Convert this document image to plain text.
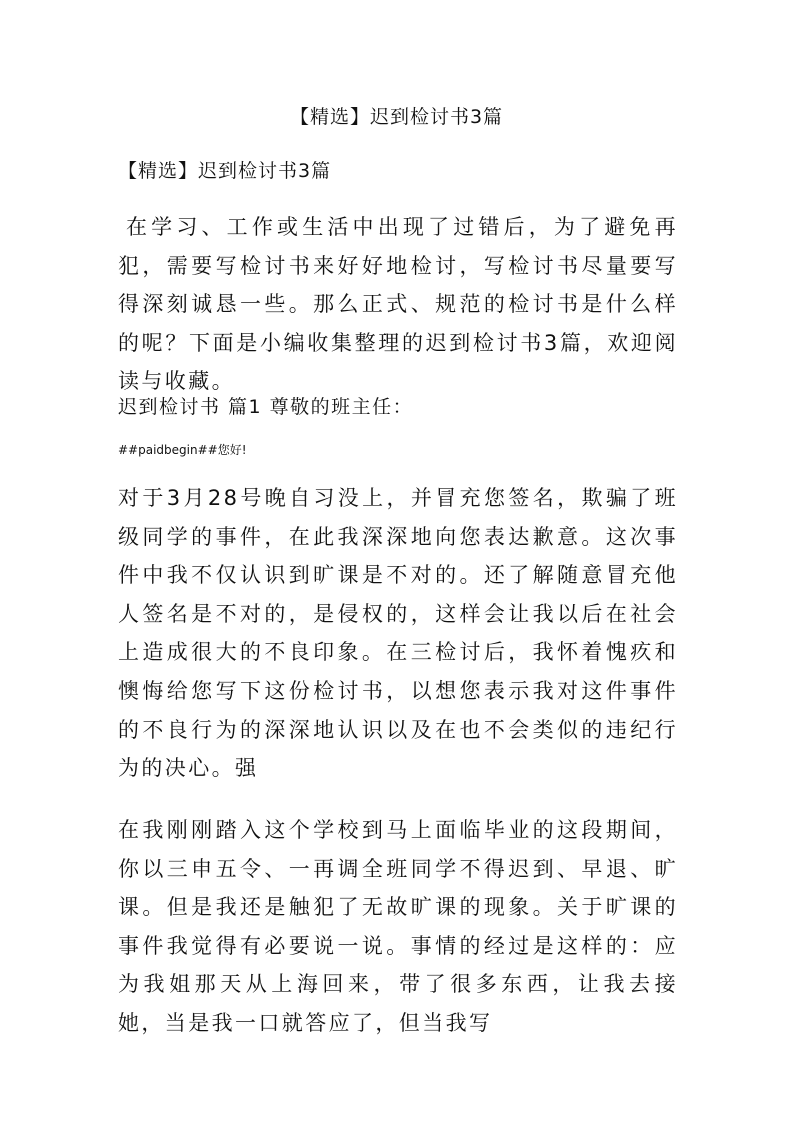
【精选】迟到检讨书3篇
【精选】迟到检讨书3篇
在学习、工作或生活中出现了过错后，为了避免再犯，需要写检讨书来好好地检讨，写检讨书尽量要写得深刻诚恳一些。那么正式、规范的检讨书是什么样的呢？下面是小编收集整理的迟到检讨书3篇，欢迎阅读与收藏。
迟到检讨书 篇1 尊敬的班主任：
##paidbegin##您好!
对于3月28号晚自习没上，并冒充您签名，欺骗了班级同学的事件，在此我深深地向您表达歉意。这次事件中我不仅认识到旷课是不对的。还了解随意冒充他人签名是不对的，是侵权的，这样会让我以后在社会上造成很大的不良印象。在三检讨后，我怀着愧疚和懊悔给您写下这份检讨书，以想您表示我对这件事件的不良行为的深深地认识以及在也不会类似的违纪行为的决心。强
在我刚刚踏入这个学校到马上面临毕业的这段期间，你以三申五令、一再调全班同学不得迟到、早退、旷课。但是我还是触犯了无故旷课的现象。关于旷课的事件我觉得有必要说一说。事情的经过是这样的：应为我姐那天从上海回来，带了很多东西，让我去接她，当是我一口就答应了，但当我写
